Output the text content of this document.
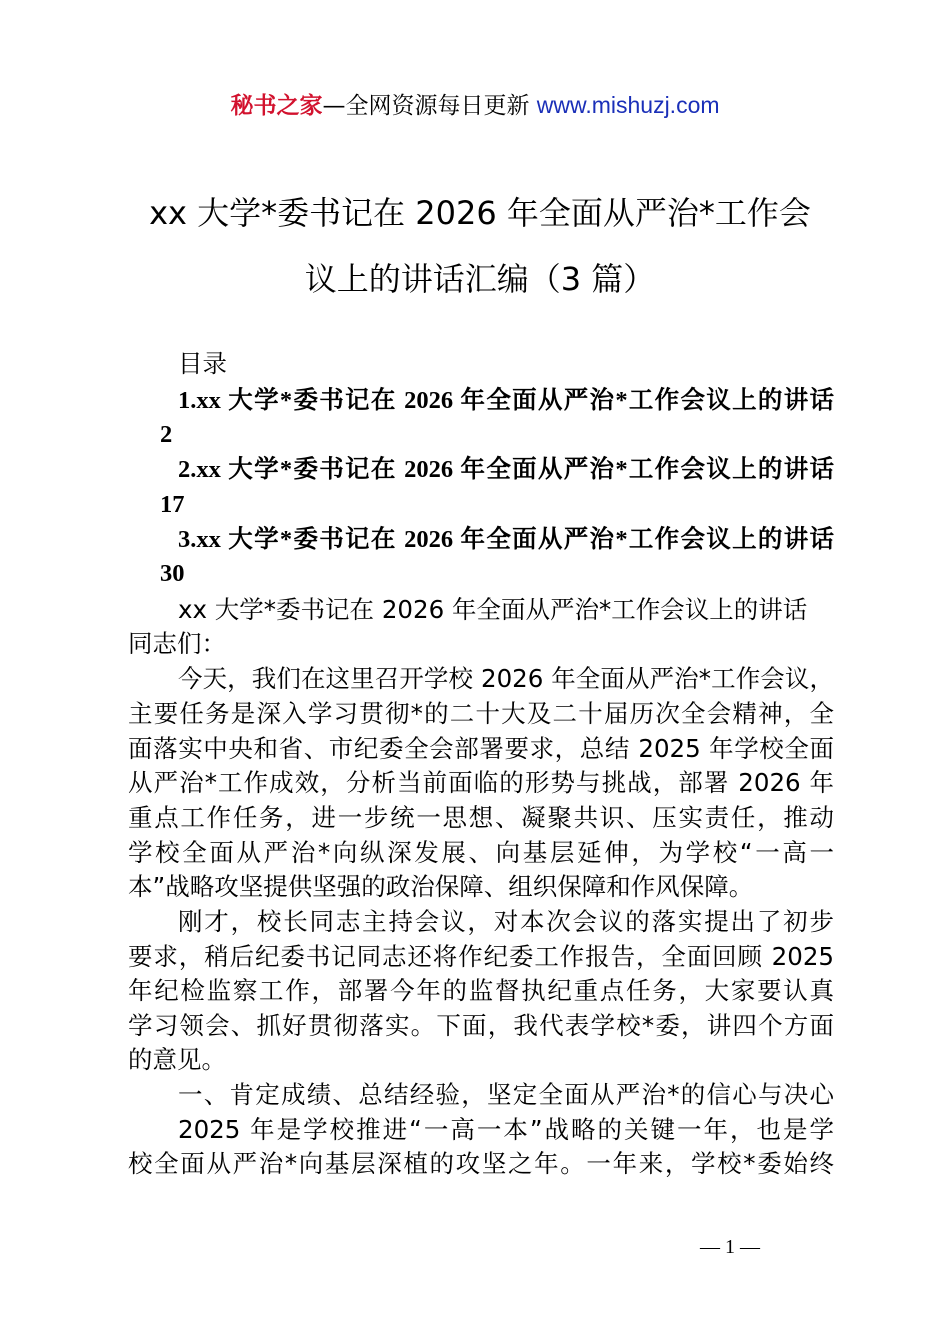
秘书之家—全网资源每日更新 www.mishuzj.com
xx 大学*委书记在 2026 年全面从严治*工作会
议上的讲话汇编（3 篇）
目录
1.xx 大学*委书记在 2026 年全面从严治*工作会议上的讲话
2
2.xx 大学*委书记在 2026 年全面从严治*工作会议上的讲话
17
3.xx 大学*委书记在 2026 年全面从严治*工作会议上的讲话
30
xx 大学*委书记在 2026 年全面从严治*工作会议上的讲话
同志们：
今天，我们在这里召开学校 2026 年全面从严治*工作会议，
主要任务是深入学习贯彻*的二十大及二十届历次全会精神，全
面落实中央和省、市纪委全会部署要求，总结 2025 年学校全面
从严治*工作成效，分析当前面临的形势与挑战，部署 2026 年
重点工作任务，进一步统一思想、凝聚共识、压实责任，推动
学校全面从严治*向纵深发展、向基层延伸，为学校“一高一
本”战略攻坚提供坚强的政治保障、组织保障和作风保障。
刚才，校长同志主持会议，对本次会议的落实提出了初步
要求，稍后纪委书记同志还将作纪委工作报告，全面回顾 2025
年纪检监察工作，部署今年的监督执纪重点任务，大家要认真
学习领会、抓好贯彻落实。下面，我代表学校*委，讲四个方面
的意见。
一、肯定成绩、总结经验，坚定全面从严治*的信心与决心
2025 年是学校推进“一高一本”战略的关键一年，也是学
校全面从严治*向基层深植的攻坚之年。一年来，学校*委始终
— 1 —
